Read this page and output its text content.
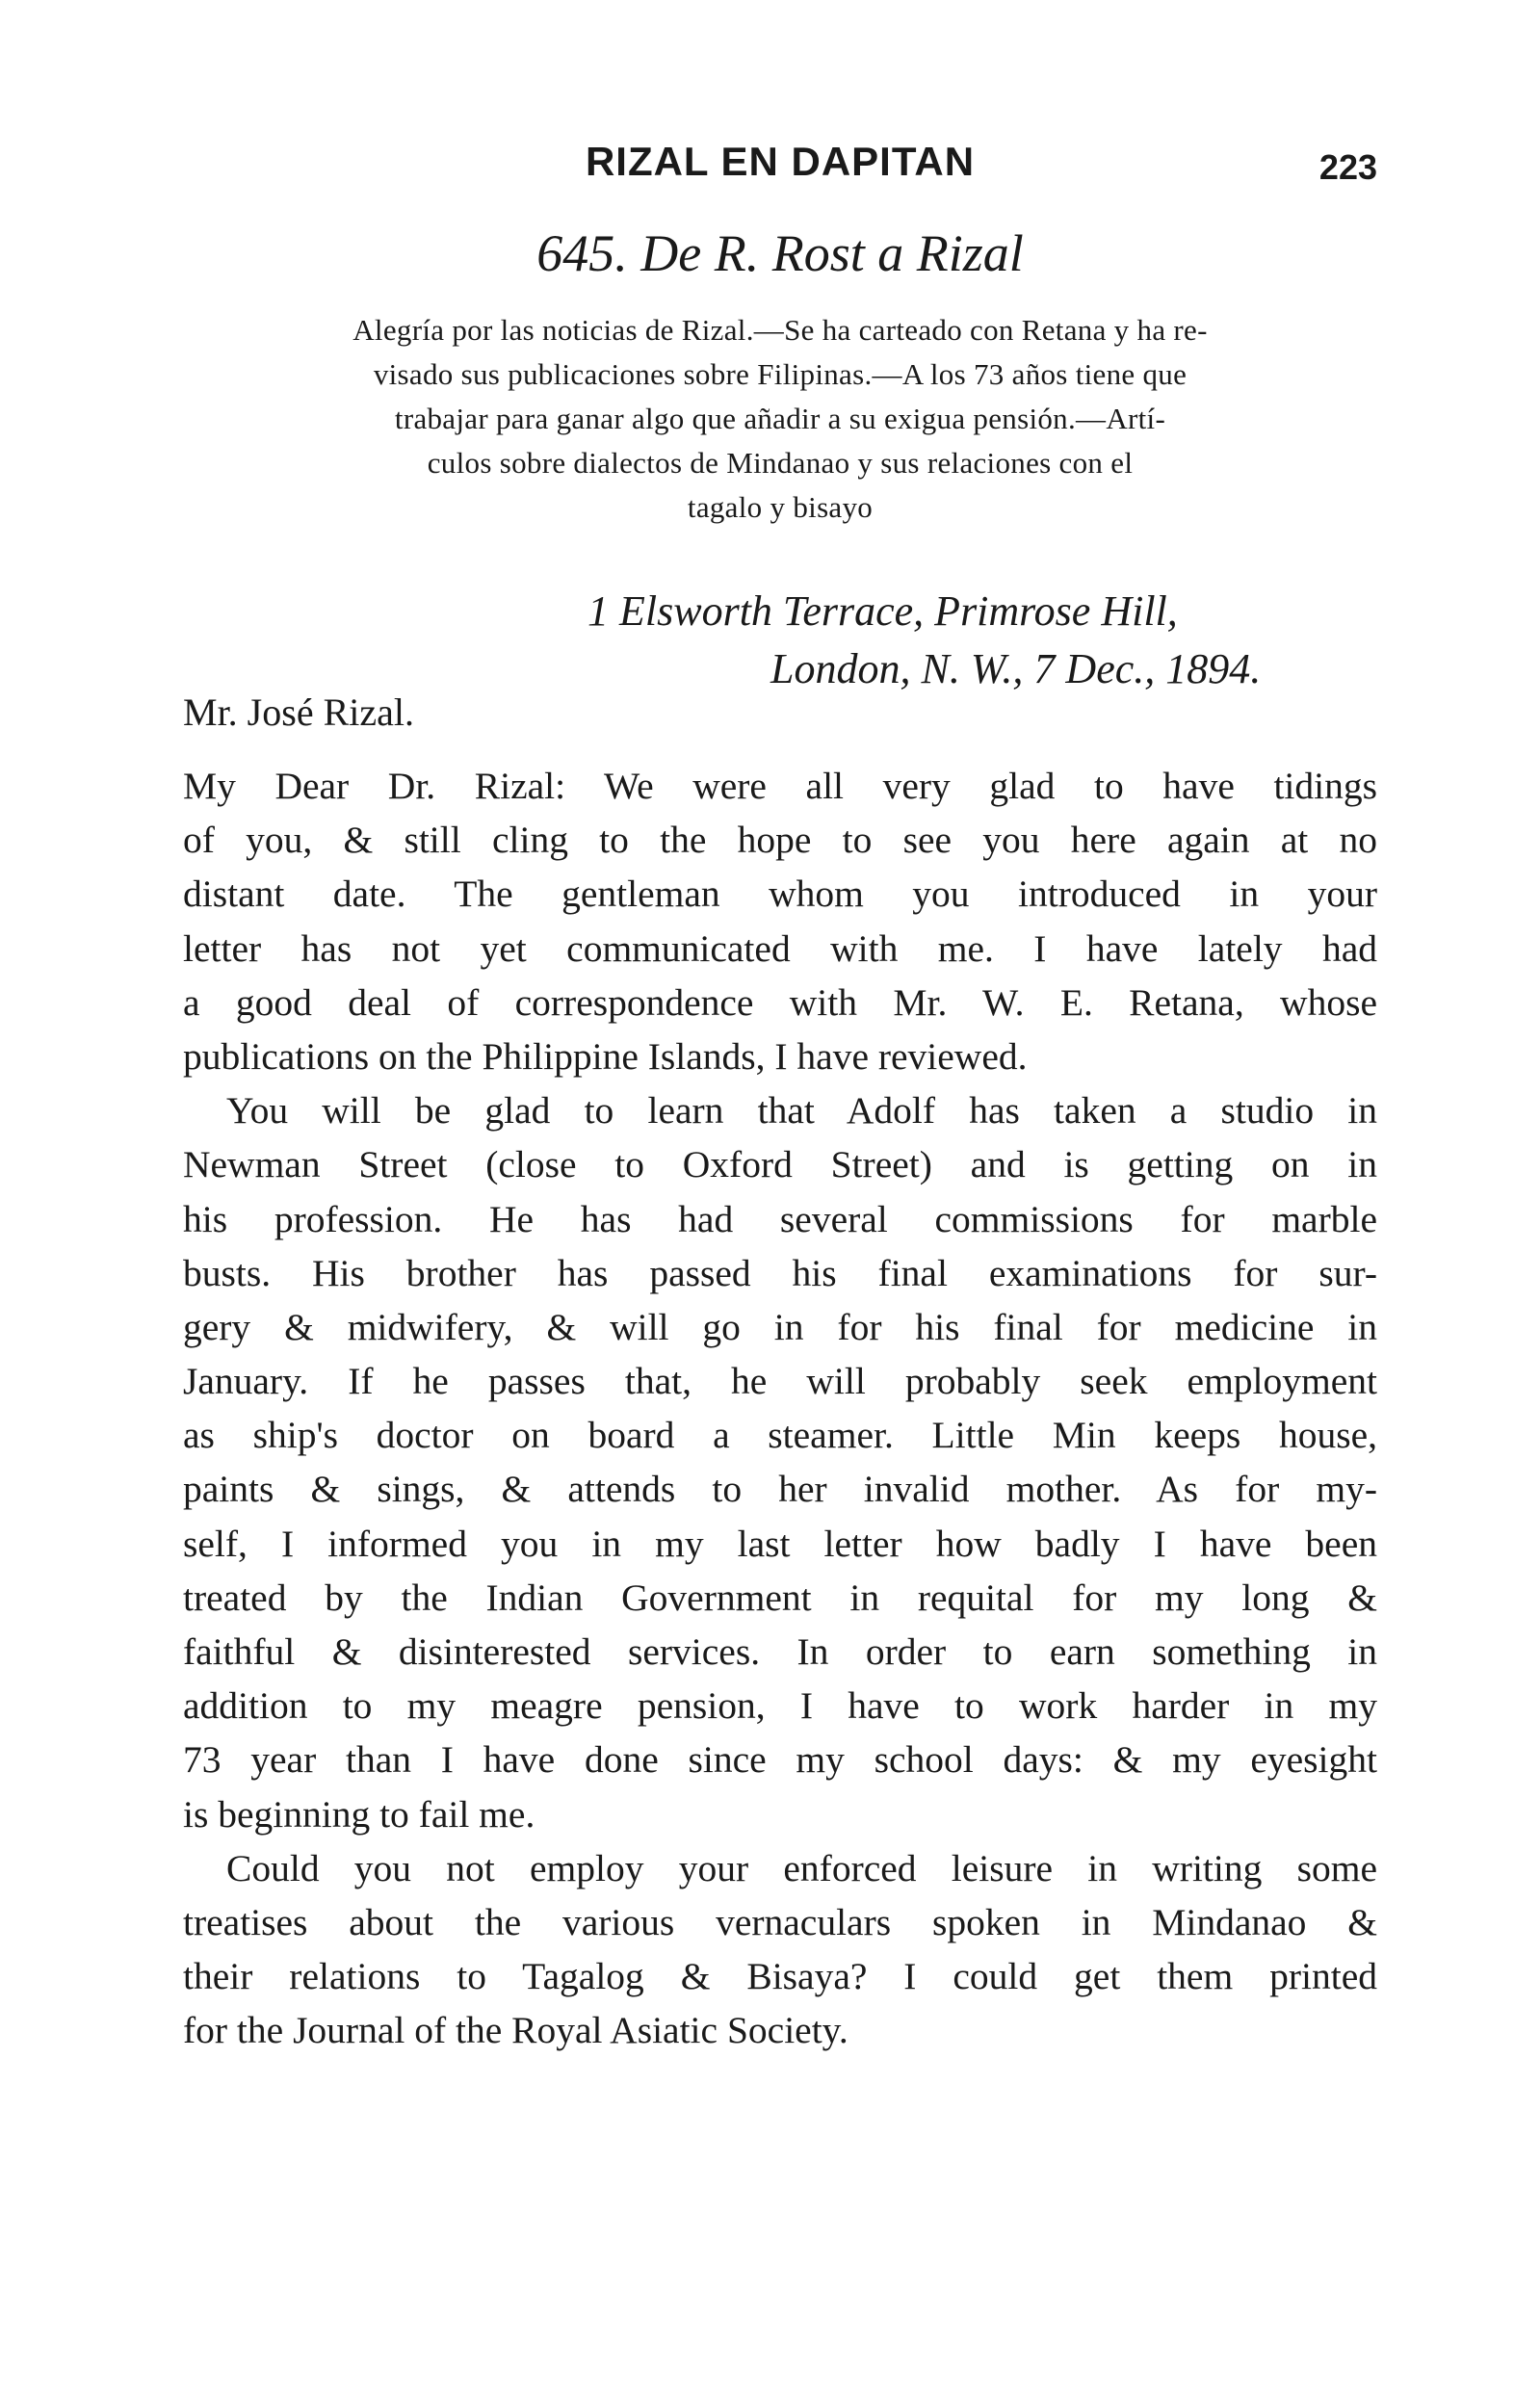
RIZAL EN DAPITAN	223
645. De R. Rost a Rizal
Alegría por las noticias de Rizal.—Se ha carteado con Retana y ha re-
visado sus publicaciones sobre Filipinas.—A los 73 años tiene que
trabajar para ganar algo que añadir a su exigua pensión.—Artí-
culos sobre dialectos de Mindanao y sus relaciones con el
tagalo y bisayo
1 Elsworth Terrace, Primrose Hill,
London, N. W., 7 Dec., 1894.
Mr. José Rizal.
My Dear Dr. Rizal: We were all very glad to have tidings
of you, & still cling to the hope to see you here again at no
distant date. The gentleman whom you introduced in your
letter has not yet communicated with me. I have lately had
a good deal of correspondence with Mr. W. E. Retana, whose
publications on the Philippine Islands, I have reviewed.
You will be glad to learn that Adolf has taken a studio in
Newman Street (close to Oxford Street) and is getting on in
his profession. He has had several commissions for marble
busts. His brother has passed his final examinations for sur-
gery & midwifery, & will go in for his final for medicine in
January. If he passes that, he will probably seek employment
as ship's doctor on board a steamer. Little Min keeps house,
paints & sings, & attends to her invalid mother. As for my-
self, I informed you in my last letter how badly I have been
treated by the Indian Government in requital for my long &
faithful & disinterested services. In order to earn something in
addition to my meagre pension, I have to work harder in my
73 year than I have done since my school days: & my eyesight
is beginning to fail me.
Could you not employ your enforced leisure in writing some
treatises about the various vernaculars spoken in Mindanao &
their relations to Tagalog & Bisaya? I could get them printed
for the Journal of the Royal Asiatic Society.
